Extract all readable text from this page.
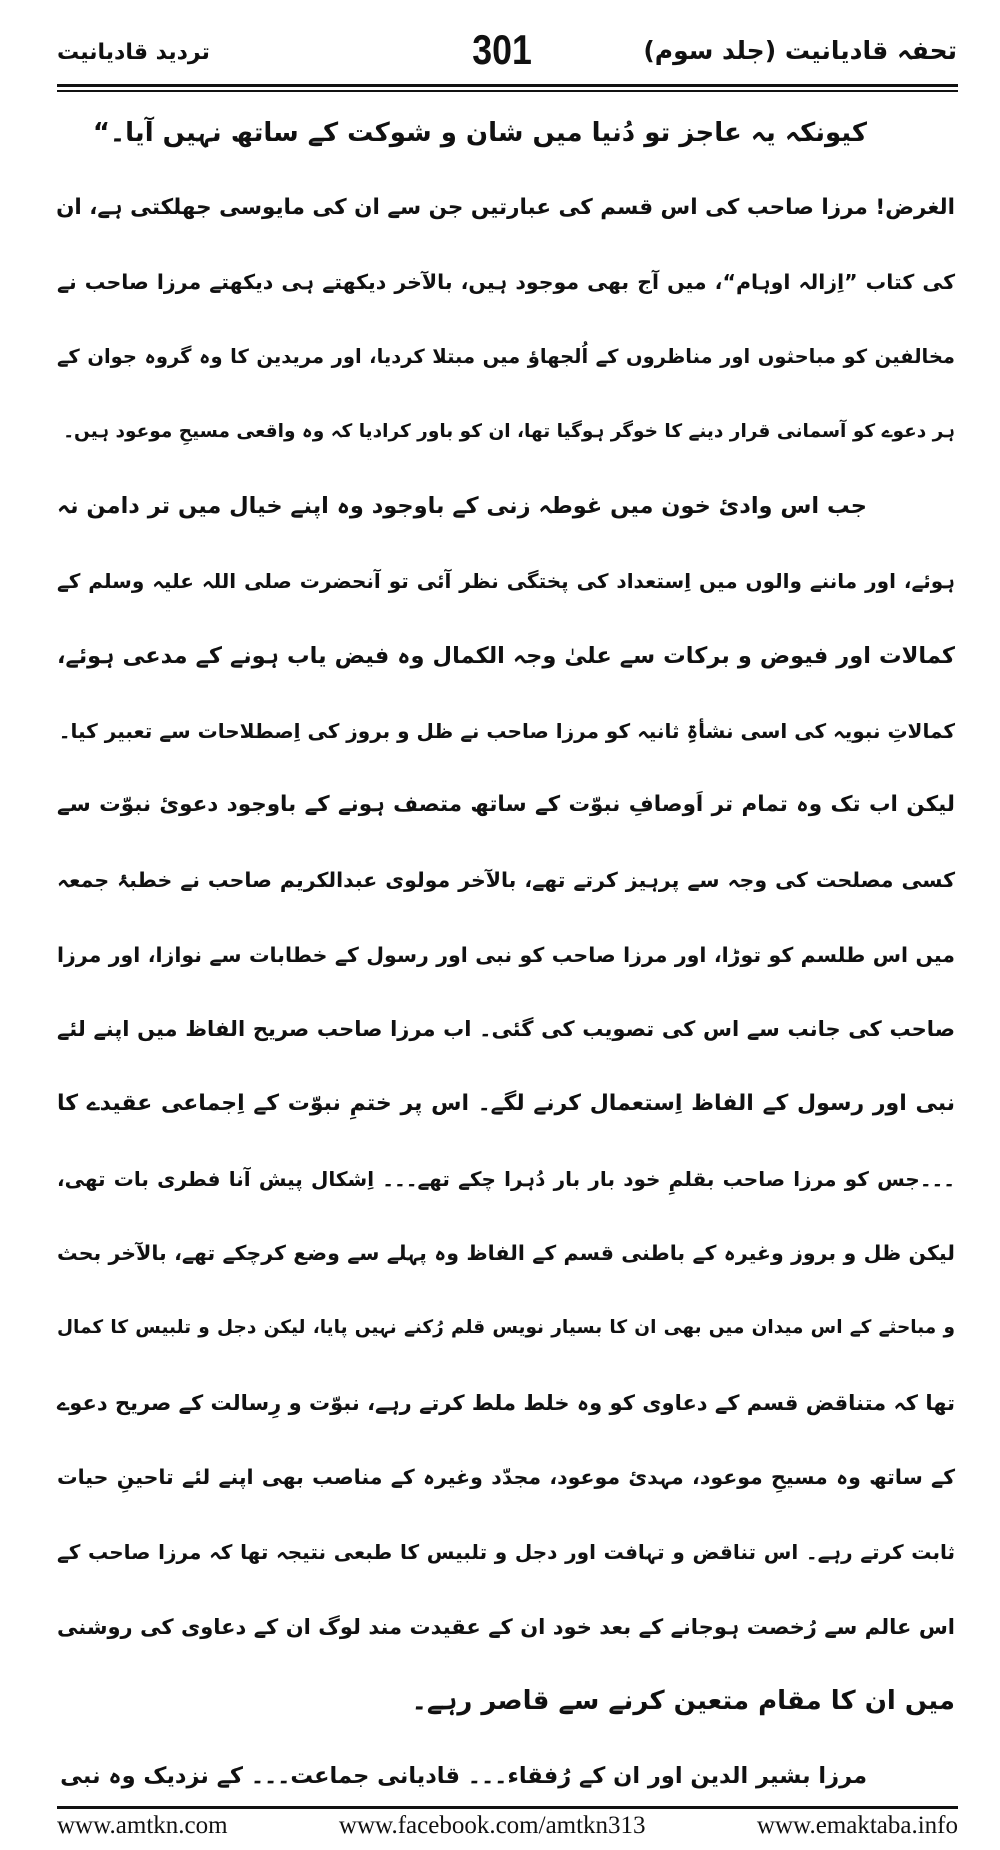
تحفہ قادیانیت (جلد سوم)
301
تردید قادیانیت
کیونکہ یہ عاجز تو دُنیا میں شان و شوکت کے ساتھ نہیں آیا۔“
الغرض! مرزا صاحب کی اس قسم کی عبارتیں جن سے ان کی مایوسی جھلکتی ہے، ان
کی کتاب ”اِزالہ اوہام“، میں آج بھی موجود ہیں، بالآخر دیکھتے ہی دیکھتے مرزا صاحب نے
مخالفین کو مباحثوں اور مناظروں کے اُلجھاؤ میں مبتلا کردیا، اور مریدین کا وہ گروہ جوان کے
ہر دعوے کو آسمانی قرار دینے کا خوگر ہوگیا تھا، ان کو باور کرادیا کہ وہ واقعی مسیحِ موعود ہیں۔
جب اس وادیٔ خون میں غوطہ زنی کے باوجود وہ اپنے خیال میں تر دامن نہ
ہوئے، اور ماننے والوں میں اِستعداد کی پختگی نظر آئی تو آنحضرت صلی اللہ علیہ وسلم کے
کمالات اور فیوض و برکات سے علیٰ وجہ الکمال وہ فیض یاب ہونے کے مدعی ہوئے،
کمالاتِ نبویہ کی اسی نشأۃِ ثانیہ کو مرزا صاحب نے ظل و بروز کی اِصطلاحات سے تعبیر کیا۔
لیکن اب تک وہ تمام تر اَوصافِ نبوّت کے ساتھ متصف ہونے کے باوجود دعویٔ نبوّت سے
کسی مصلحت کی وجہ سے پرہیز کرتے تھے، بالآخر مولوی عبدالکریم صاحب نے خطبۂ جمعہ
میں اس طلسم کو توڑا، اور مرزا صاحب کو نبی اور رسول کے خطابات سے نوازا، اور مرزا
صاحب کی جانب سے اس کی تصویب کی گئی۔ اب مرزا صاحب صریح الفاظ میں اپنے لئے
نبی اور رسول کے الفاظ اِستعمال کرنے لگے۔ اس پر ختمِ نبوّت کے اِجماعی عقیدے کا
۔۔۔جس کو مرزا صاحب بقلمِ خود بار بار دُہرا چکے تھے۔۔۔ اِشکال پیش آنا فطری بات تھی،
لیکن ظل و بروز وغیرہ کے باطنی قسم کے الفاظ وہ پہلے سے وضع کرچکے تھے، بالآخر بحث
و مباحثے کے اس میدان میں بھی ان کا بسیار نویس قلم رُکنے نہیں پایا، لیکن دجل و تلبیس کا کمال
تھا کہ متناقض قسم کے دعاوی کو وہ خلط ملط کرتے رہے، نبوّت و رِسالت کے صریح دعوے
کے ساتھ وہ مسیحِ موعود، مہدیٔ موعود، مجدّد وغیرہ کے مناصب بھی اپنے لئے تاحینِ حیات
ثابت کرتے رہے۔ اس تناقض و تہافت اور دجل و تلبیس کا طبعی نتیجہ تھا کہ مرزا صاحب کے
اس عالم سے رُخصت ہوجانے کے بعد خود ان کے عقیدت مند لوگ ان کے دعاوی کی روشنی
میں ان کا مقام متعین کرنے سے قاصر رہے۔
مرزا بشیر الدین اور ان کے رُفقاء۔۔۔ قادیانی جماعت۔۔۔ کے نزدیک وہ نبی
www.amtkn.com	www.facebook.com/amtkn313	www.emaktaba.info
